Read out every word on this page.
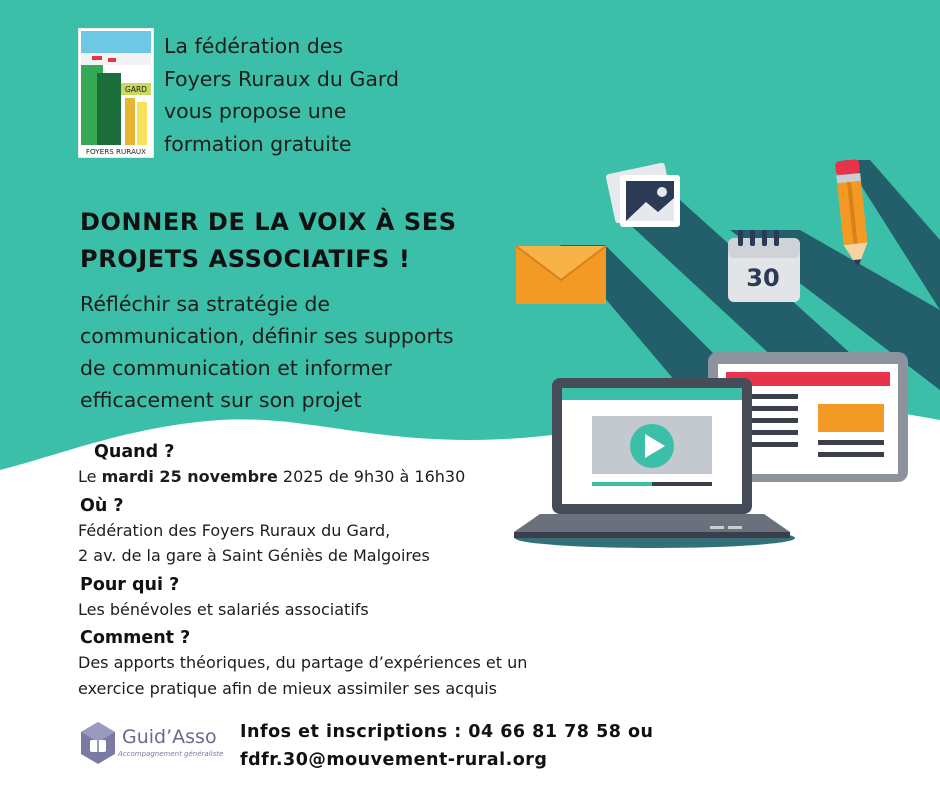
30
GARD
FOYERS RURAUX
La fédération des
Foyers Ruraux du Gard
vous propose une
formation gratuite
DONNER DE LA VOIX À SES
PROJETS ASSOCIATIFS !
Réfléchir sa stratégie de
communication, définir ses supports
de communication et informer
efficacement sur son projet
Quand ?
Le mardi 25 novembre 2025 de 9h30 à 16h30
Où ?
Fédération des Foyers Ruraux du Gard,
2 av. de la gare à Saint Géniès de Malgoires
Pour qui ?
Les bénévoles et salariés associatifs
Comment ?
Des apports théoriques, du partage d’expériences et un
exercice pratique afin de mieux assimiler ses acquis
Guid’Asso
Accompagnement généraliste
Infos et inscriptions : 04 66 81 78 58 ou
fdfr.30@mouvement-rural.org
